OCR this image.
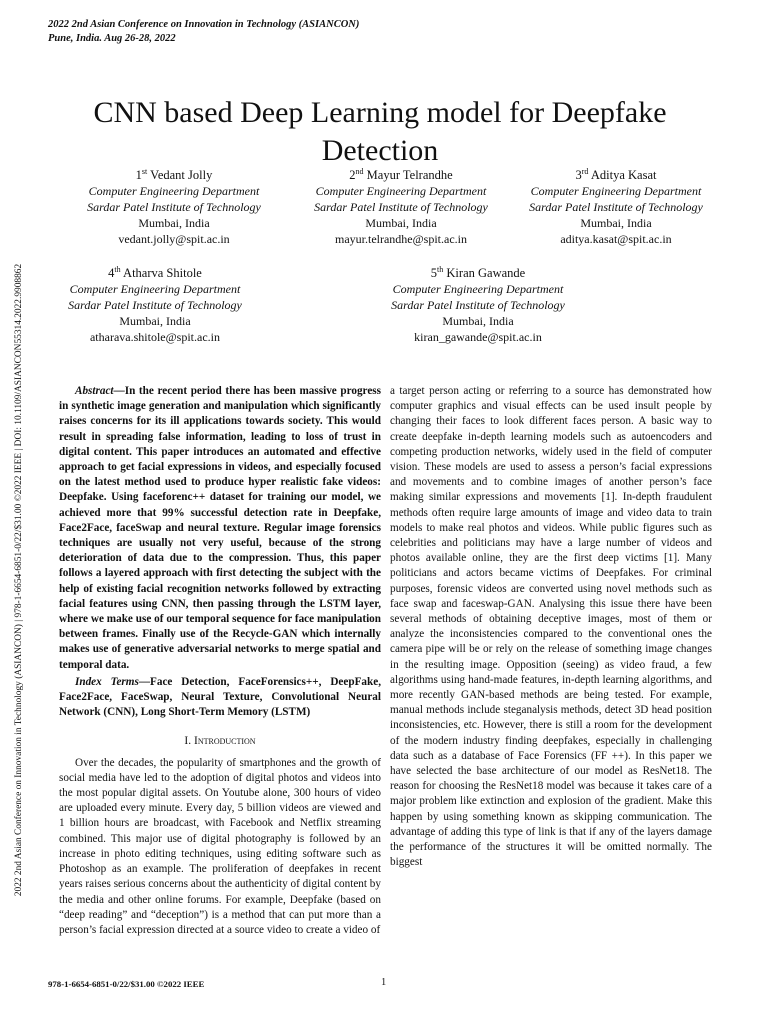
2022 2nd Asian Conference on Innovation in Technology (ASIANCON)
Pune, India. Aug 26-28, 2022
2022 2nd Asian Conference on Innovation in Technology (ASIANCON) | 978-1-6654-6851-0/22/$31.00 ©2022 IEEE | DOI: 10.1109/ASIANCON55314.2022.9908862
CNN based Deep Learning model for Deepfake Detection
1st Vedant Jolly
Computer Engineering Department
Sardar Patel Institute of Technology
Mumbai, India
vedant.jolly@spit.ac.in
2nd Mayur Telrandhe
Computer Engineering Department
Sardar Patel Institute of Technology
Mumbai, India
mayur.telrandhe@spit.ac.in
3rd Aditya Kasat
Computer Engineering Department
Sardar Patel Institute of Technology
Mumbai, India
aditya.kasat@spit.ac.in
4th Atharva Shitole
Computer Engineering Department
Sardar Patel Institute of Technology
Mumbai, India
atharava.shitole@spit.ac.in
5th Kiran Gawande
Computer Engineering Department
Sardar Patel Institute of Technology
Mumbai, India
kiran_gawande@spit.ac.in

Abstract—In the recent period there has been massive progress in synthetic image generation and manipulation which significantly raises concerns for its ill applications towards society. This would result in spreading false information, leading to loss of trust in digital content. This paper introduces an automated and effective approach to get facial expressions in videos, and especially focused on the latest method used to produce hyper realistic fake videos: Deepfake. Using faceforenc++ dataset for training our model, we achieved more that 99% successful detection rate in Deepfake, Face2Face, faceSwap and neural texture. Regular image forensics techniques are usually not very useful, because of the strong deterioration of data due to the compression. Thus, this paper follows a layered approach with first detecting the subject with the help of existing facial recognition networks followed by extracting facial features using CNN, then passing through the LSTM layer, where we make use of our temporal sequence for face manipulation between frames. Finally use of the Recycle-GAN which internally makes use of generative adversarial networks to merge spatial and temporal data.

Index Terms—Face Detection, FaceForensics++, DeepFake, Face2Face, FaceSwap, Neural Texture, Convolutional Neural Network (CNN), Long Short-Term Memory (LSTM)

I. Introduction

Over the decades, the popularity of smartphones and the growth of social media have led to the adoption of digital photos and videos into the most popular digital assets. On Youtube alone, 300 hours of video are uploaded every minute. Every day, 5 billion videos are viewed and 1 billion hours are broadcast, with Facebook and Netflix streaming combined. This major use of digital photography is followed by an increase in photo editing techniques, using editing software such as Photoshop as an example. The proliferation of deepfakes in recent years raises serious concerns about the authenticity of digital content by the media and other online forums. For example, Deepfake (based on “deep reading” and “deception”) is a method that can put more than a person’s facial expression directed at a source video to create a video of

a target person acting or referring to a source has demonstrated how computer graphics and visual effects can be used insult people by changing their faces to look different faces person. A basic way to create deepfake in-depth learning models such as autoencoders and competing production networks, widely used in the field of computer vision. These models are used to assess a person’s facial expressions and movements and to combine images of another person’s face making similar expressions and movements [1]. In-depth fraudulent methods often require large amounts of image and video data to train models to make real photos and videos. While public figures such as celebrities and politicians may have a large number of videos and photos available online, they are the first deep victims [1]. Many politicians and actors became victims of Deepfakes. For criminal purposes, forensic videos are converted using novel methods such as face swap and faceswap-GAN. Analysing this issue there have been several methods of obtaining deceptive images, most of them or analyze the inconsistencies compared to the conventional ones the camera pipe will be or rely on the release of something image changes in the resulting image. Opposition (seeing) as video fraud, a few algorithms using hand-made features, in-depth learning algorithms, and more recently GAN-based methods are being tested. For example, manual methods include steganalysis methods, detect 3D head position inconsistencies, etc. However, there is still a room for the development of the modern industry finding deepfakes, especially in challenging data such as a database of Face Forensics (FF ++). In this paper we have selected the base architecture of our model as ResNet18. The reason for choosing the ResNet18 model was because it takes care of a major problem like extinction and explosion of the gradient. Make this happen by using something known as skipping communication. The advantage of adding this type of link is that if any of the layers damage the performance of the structures it will be omitted normally. The biggest

978-1-6654-6851-0/22/$31.00 ©2022 IEEE	1
